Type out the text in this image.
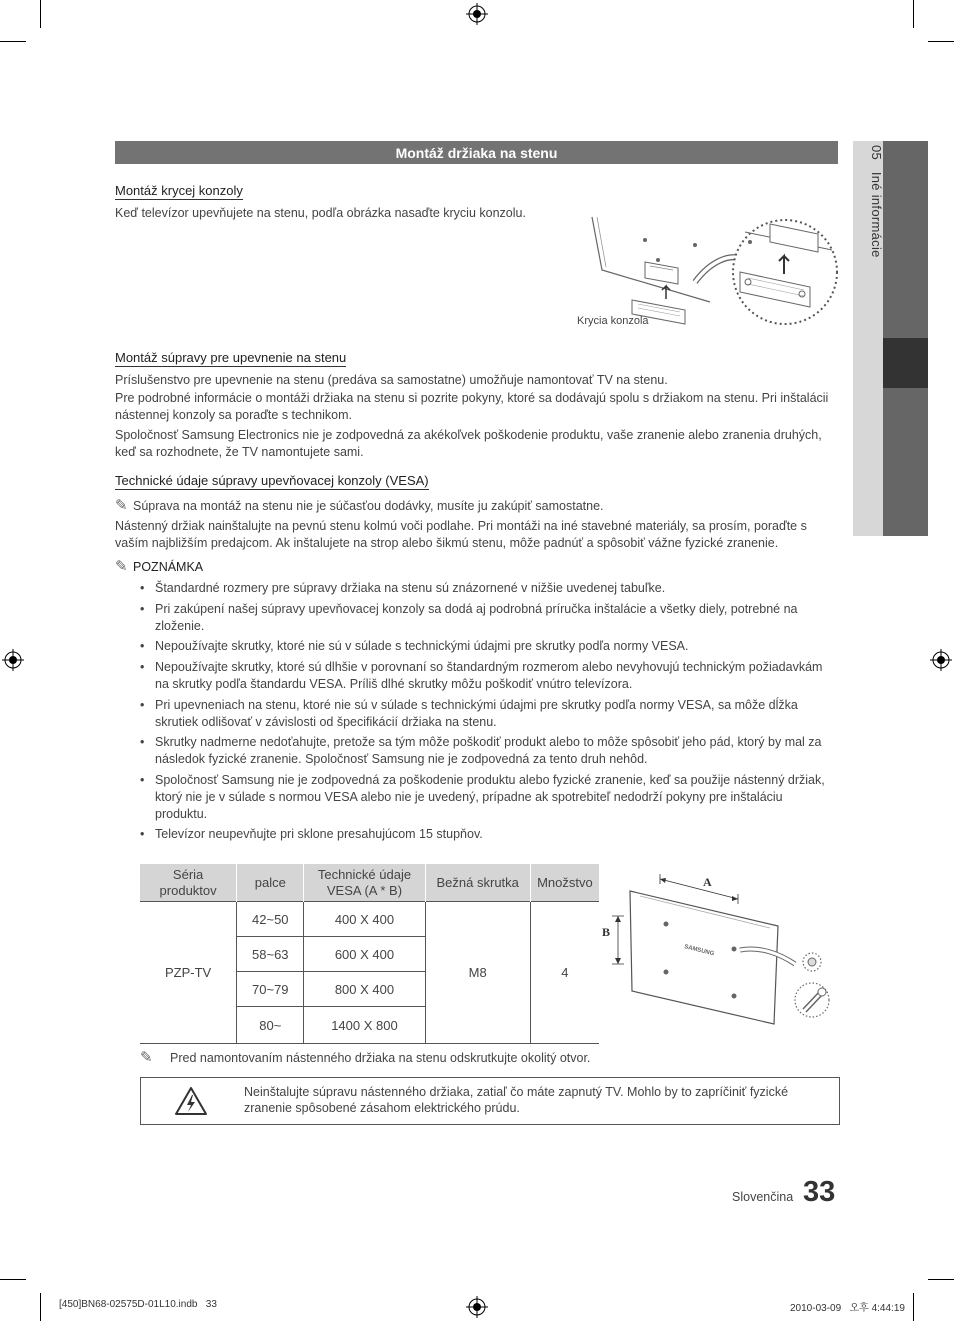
05   Iné informácie
Montáž držiaka na stenu
Montáž krycej konzoly
Keď televízor upevňujete na stenu, podľa obrázka nasaďte kryciu konzolu.
Krycia konzola
Montáž súpravy pre upevnenie na stenu
Príslušenstvo pre upevnenie na stenu (predáva sa samostatne) umožňuje namontovať TV na stenu.
Pre podrobné informácie o montáži držiaka na stenu si pozrite pokyny, ktoré sa dodávajú spolu s držiakom na stenu. Pri inštalácii nástennej konzoly sa poraďte s technikom.
Spoločnosť Samsung Electronics nie je zodpovedná za akékoľvek poškodenie produktu, vaše zranenie alebo zranenia druhých, keď sa rozhodnete, že TV namontujete sami.
Technické údaje súpravy upevňovacej konzoly (VESA)
✎ Súprava na montáž na stenu nie je súčasťou dodávky, musíte ju zakúpiť samostatne.
Nástenný držiak nainštalujte na pevnú stenu kolmú voči podlahe. Pri montáži na iné stavebné materiály, sa prosím, poraďte s vaším najbližším predajcom. Ak inštalujete na strop alebo šikmú stenu, môže padnúť a spôsobiť vážne fyzické zranenie.
✎ POZNÁMKA
• Štandardné rozmery pre súpravy držiaka na stenu sú znázornené v nižšie uvedenej tabuľke.
• Pri zakúpení našej súpravy upevňovacej konzoly sa dodá aj podrobná príručka inštalácie a všetky diely, potrebné na zloženie.
• Nepoužívajte skrutky, ktoré nie sú v súlade s technickými údajmi pre skrutky podľa normy VESA.
• Nepoužívajte skrutky, ktoré sú dlhšie v porovnaní so štandardným rozmerom alebo nevyhovujú technickým požiadavkám na skrutky podľa štandardu VESA. Príliš dlhé skrutky môžu poškodiť vnútro televízora.
• Pri upevneniach na stenu, ktoré nie sú v súlade s technickými údajmi pre skrutky podľa normy VESA, sa môže dĺžka skrutiek odlišovať v závislosti od špecifikácií držiaka na stenu.
• Skrutky nadmerne nedoťahujte, pretože sa tým môže poškodiť produkt alebo to môže spôsobiť jeho pád, ktorý by mal za následok fyzické zranenie. Spoločnosť Samsung nie je zodpovedná za tento druh nehôd.
• Spoločnosť Samsung nie je zodpovedná za poškodenie produktu alebo fyzické zranenie, keď sa použije nástenný držiak, ktorý nie je v súlade s normou VESA alebo nie je uvedený, prípadne ak spotrebiteľ nedodrží pokyny pre inštaláciu produktu.
• Televízor neupevňujte pri sklone presahujúcom 15 stupňov.
Séria produktov	palce	Technické údaje VESA (A * B)	Bežná skrutka	Množstvo
PZP-TV	42~50	400 X 400	M8	4
	58~63	600 X 400		
	70~79	800 X 400		
	80~	1400 X 800		
A
B
SAMSUNG
✎ Pred namontovaním nástenného držiaka na stenu odskrutkujte okolitý otvor.
Neinštalujte súpravu nástenného držiaka, zatiaľ čo máte zapnutý TV. Mohlo by to zapríčiniť fyzické zranenie spôsobené zásahom elektrického prúdu.
Slovenčina 33
[450]BN68-02575D-01L10.indb   33	2010-03-09   오후 4:44:19
